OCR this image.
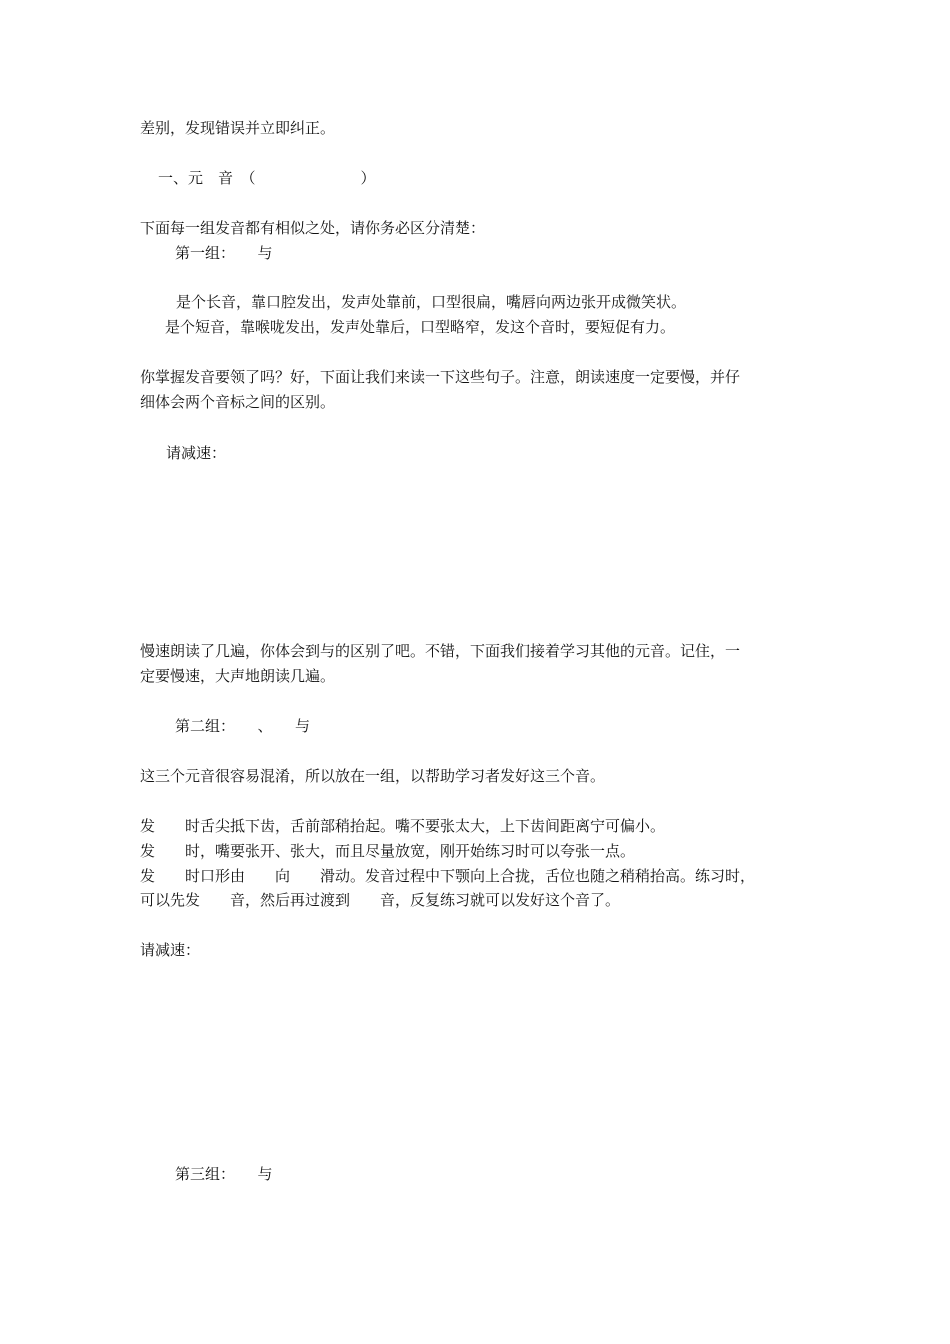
差别，发现错误并立即纠正。
一、元　音　（　　　　　　　）
下面每一组发音都有相似之处，请你务必区分清楚：
第一组：　　与
是个长音，靠口腔发出，发声处靠前，口型很扁，嘴唇向两边张开成微笑状。
是个短音，靠喉咙发出，发声处靠后，口型略窄，发这个音时，要短促有力。
你掌握发音要领了吗？好，下面让我们来读一下这些句子。注意，朗读速度一定要慢，并仔
细体会两个音标之间的区别。
请减速：
慢速朗读了几遍，你体会到与的区别了吧。不错，下面我们接着学习其他的元音。记住，一
定要慢速，大声地朗读几遍。
第二组：　　、　　与
这三个元音很容易混淆，所以放在一组，以帮助学习者发好这三个音。
发　　时舌尖抵下齿，舌前部稍抬起。嘴不要张太大，上下齿间距离宁可偏小。
发　　时，嘴要张开、张大，而且尽量放宽，刚开始练习时可以夸张一点。
发　　时口形由　　向　　滑动。发音过程中下颚向上合拢，舌位也随之稍稍抬高。练习时，
可以先发　　音，然后再过渡到　　音，反复练习就可以发好这个音了。
请减速：
第三组：　　与
